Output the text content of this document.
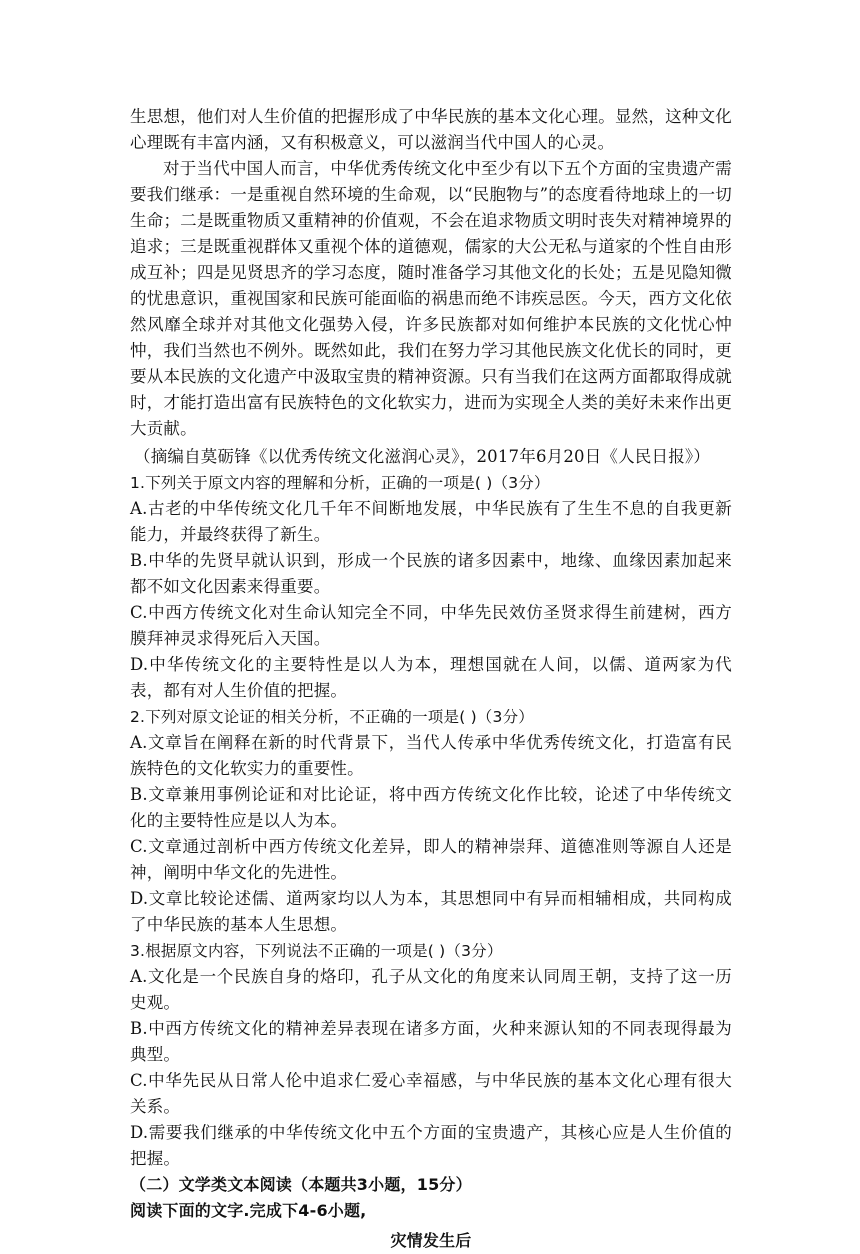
生思想，他们对人生价值的把握形成了中华民族的基本文化心理。显然，这种文化心理既有丰富内涵，又有积极意义，可以滋润当代中国人的心灵。

对于当代中国人而言，中华优秀传统文化中至少有以下五个方面的宝贵遗产需要我们继承：一是重视自然环境的生命观，以“民胞物与”的态度看待地球上的一切生命；二是既重物质又重精神的价值观，不会在追求物质文明时丧失对精神境界的追求；三是既重视群体又重视个体的道德观，儒家的大公无私与道家的个性自由形成互补；四是见贤思齐的学习态度，随时准备学习其他文化的长处；五是见隐知微的忧患意识，重视国家和民族可能面临的祸患而绝不讳疾忌医。今天，西方文化依然风靡全球并对其他文化强势入侵，许多民族都对如何维护本民族的文化忧心忡忡，我们当然也不例外。既然如此，我们在努力学习其他民族文化优长的同时，更要从本民族的文化遗产中汲取宝贵的精神资源。只有当我们在这两方面都取得成就时，才能打造出富有民族特色的文化软实力，进而为实现全人类的美好未来作出更大贡献。

（摘编自莫砺锋《以优秀传统文化滋润心灵》，2017年6月20日《人民日报》）

1.下列关于原文内容的理解和分析，正确的一项是( )（3分）

A.古老的中华传统文化几千年不间断地发展，中华民族有了生生不息的自我更新能力，并最终获得了新生。

B.中华的先贤早就认识到，形成一个民族的诸多因素中，地缘、血缘因素加起来都不如文化因素来得重要。

C.中西方传统文化对生命认知完全不同，中华先民效仿圣贤求得生前建树，西方膜拜神灵求得死后入天国。

D.中华传统文化的主要特性是以人为本，理想国就在人间，以儒、道两家为代表，都有对人生价值的把握。

2.下列对原文论证的相关分析，不正确的一项是( )（3分）

A.文章旨在阐释在新的时代背景下，当代人传承中华优秀传统文化，打造富有民族特色的文化软实力的重要性。

B.文章兼用事例论证和对比论证，将中西方传统文化作比较，论述了中华传统文化的主要特性应是以人为本。

C.文章通过剖析中西方传统文化差异，即人的精神崇拜、道德准则等源自人还是神，阐明中华文化的先进性。

D.文章比较论述儒、道两家均以人为本，其思想同中有异而相辅相成，共同构成了中华民族的基本人生思想。

3.根据原文内容，下列说法不正确的一项是( )（3分）

A.文化是一个民族自身的烙印，孔子从文化的角度来认同周王朝，支持了这一历史观。

B.中西方传统文化的精神差异表现在诸多方面，火种来源认知的不同表现得最为典型。

C.中华先民从日常人伦中追求仁爱心幸福感，与中华民族的基本文化心理有很大关系。

D.需要我们继承的中华传统文化中五个方面的宝贵遗产，其核心应是人生价值的把握。

（二）文学类文本阅读（本题共3小题，15分）

阅读下面的文字.完成下4-6小题,

灾情发生后
